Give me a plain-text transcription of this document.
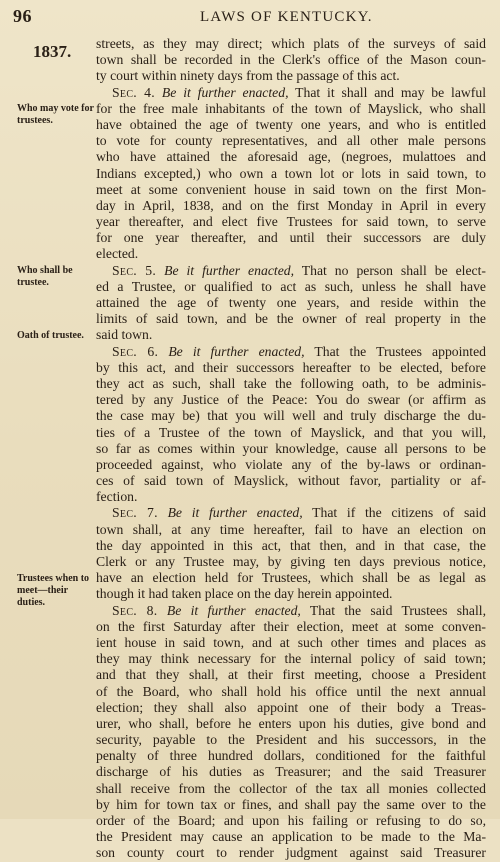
96	LAWS OF KENTUCKY.
1837.
Who may vote for trustees.
Who shall be trustee.
Oath of trustee.
Trustees when to meet—their duties.
streets, as they may direct; which plats of the surveys of said
town shall be recorded in the Clerk's office of the Mason coun-
ty court within ninety days from the passage of this act.
Sec. 4. Be it further enacted, That it shall and may be lawful
for the free male inhabitants of the town of Mayslick, who shall
have obtained the age of twenty one years, and who is entitled
to vote for county representatives, and all other male persons
who have attained the aforesaid age, (negroes, mulattoes and
Indians excepted,) who own a town lot or lots in said town, to
meet at some convenient house in said town on the first Mon-
day in April, 1838, and on the first Monday in April in every
year thereafter, and elect five Trustees for said town, to serve
for one year thereafter, and until their successors are duly
elected.
Sec. 5. Be it further enacted, That no person shall be elect-
ed a Trustee, or qualified to act as such, unless he shall have
attained the age of twenty one years, and reside within the
limits of said town, and be the owner of real property in the
said town.
Sec. 6. Be it further enacted, That the Trustees appointed
by this act, and their successors hereafter to be elected, before
they act as such, shall take the following oath, to be adminis-
tered by any Justice of the Peace: You do swear (or affirm as
the case may be) that you will well and truly discharge the du-
ties of a Trustee of the town of Mayslick, and that you will,
so far as comes within your knowledge, cause all persons to be
proceeded against, who violate any of the by-laws or ordinan-
ces of said town of Mayslick, without favor, partiality or af-
fection.
Sec. 7. Be it further enacted, That if the citizens of said
town shall, at any time hereafter, fail to have an election on
the day appointed in this act, that then, and in that case, the
Clerk or any Trustee may, by giving ten days previous notice,
have an election held for Trustees, which shall be as legal as
though it had taken place on the day herein appointed.
Sec. 8. Be it further enacted, That the said Trustees shall,
on the first Saturday after their election, meet at some conven-
ient house in said town, and at such other times and places as
they may think necessary for the internal policy of said town;
and that they shall, at their first meeting, choose a President
of the Board, who shall hold his office until the next annual
election; they shall also appoint one of their body a Treas-
urer, who shall, before he enters upon his duties, give bond and
security, payable to the President and his successors, in the
penalty of three hundred dollars, conditioned for the faithful
discharge of his duties as Treasurer; and the said Treasurer
shall receive from the collector of the tax all monies collected
by him for town tax or fines, and shall pay the same over to the
order of the Board; and upon his failing or refusing to do so,
the President may cause an application to be made to the Ma-
son county court to render judgment against said Treasurer
